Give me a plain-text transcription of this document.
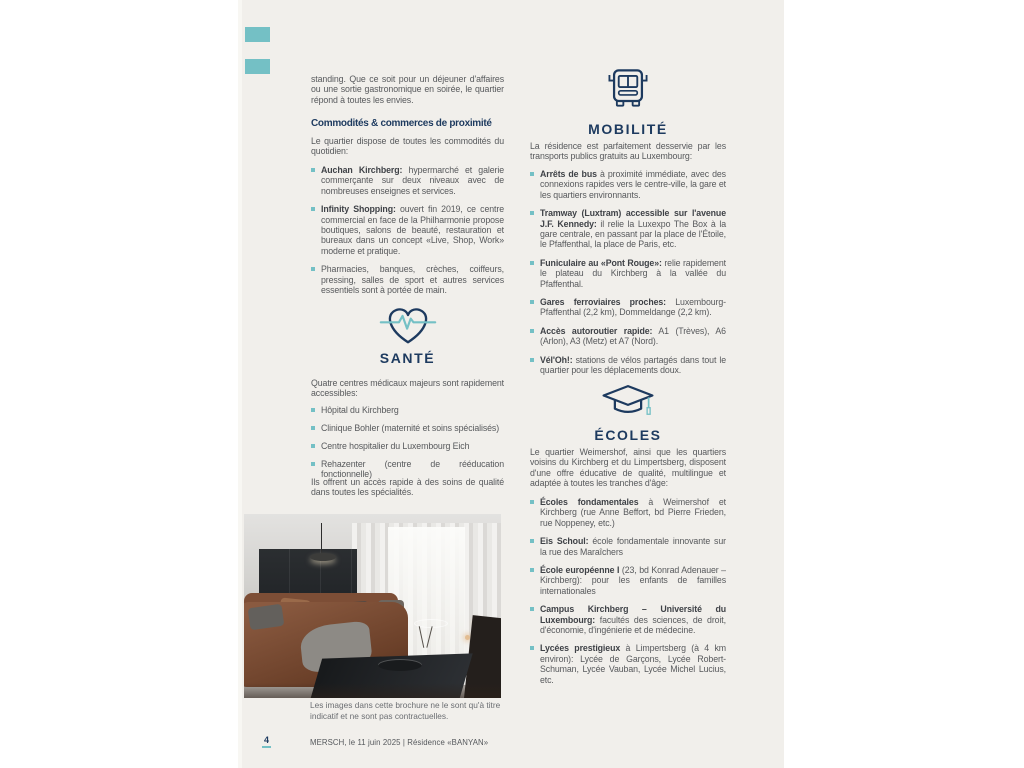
standing. Que ce soit pour un déjeuner d'affaires ou une sortie gastronomique en soirée, le quartier répond à toutes les envies.

Commodités & commerces de proximité

Le quartier dispose de toutes les commodités du quotidien:

Auchan Kirchberg: hypermarché et galerie commerçante sur deux niveaux avec de nombreuses enseignes et services.
Infinity Shopping: ouvert fin 2019, ce centre commercial en face de la Philharmonie propose boutiques, salons de beauté, restauration et bureaux dans un concept «Live, Shop, Work» moderne et pratique.
Pharmacies, banques, crèches, coiffeurs, pressing, salles de sport et autres services essentiels sont à portée de main.
SANTÉ

Quatre centres médicaux majeurs sont rapidement accessibles:

Hôpital du Kirchberg
Clinique Bohler (maternité et soins spécialisés)
Centre hospitalier du Luxembourg Eich
Rehazenter (centre de rééducation fonctionnelle)

Ils offrent un accès rapide à des soins de qualité dans toutes les spécialités.

MOBILITÉ

La résidence est parfaitement desservie par les transports publics gratuits au Luxembourg:

Arrêts de bus à proximité immédiate, avec des connexions rapides vers le centre-ville, la gare et les quartiers environnants.
Tramway (Luxtram) accessible sur l'avenue J.F. Kennedy: il relie la Luxexpo The Box à la gare centrale, en passant par la place de l'Étoile, le Pfaffenthal, la place de Paris, etc.
Funiculaire au «Pont Rouge»: relie rapidement le plateau du Kirchberg à la vallée du Pfaffenthal.
Gares ferroviaires proches: Luxembourg-Pfaffenthal (2,2 km), Dommeldange (2,2 km).
Accès autoroutier rapide: A1 (Trèves), A6 (Arlon), A3 (Metz) et A7 (Nord).
Vél'Oh!: stations de vélos partagés dans tout le quartier pour les déplacements doux.
ÉCOLES

Le quartier Weimershof, ainsi que les quartiers voisins du Kirchberg et du Limpertsberg, disposent d'une offre éducative de qualité, multilingue et adaptée à toutes les tranches d'âge:

Écoles fondamentales à Weimershof et Kirchberg (rue Anne Beffort, bd Pierre Frieden, rue Noppeney, etc.)
Eis Schoul: école fondamentale innovante sur la rue des Maraîchers
École européenne I (23, bd Konrad Adenauer – Kirchberg): pour les enfants de familles internationales
Campus Kirchberg – Université du Luxembourg: facultés des sciences, de droit, d'économie, d'ingénierie et de médecine.
Lycées prestigieux à Limpertsberg (à 4 km environ): Lycée de Garçons, Lycée Robert-Schuman, Lycée Vauban, Lycée Michel Lucius, etc.

Les images dans cette brochure ne le sont qu'à titre indicatif et ne sont pas contractuelles.

4	MERSCH, le 11 juin 2025 | Résidence «BANYAN»
